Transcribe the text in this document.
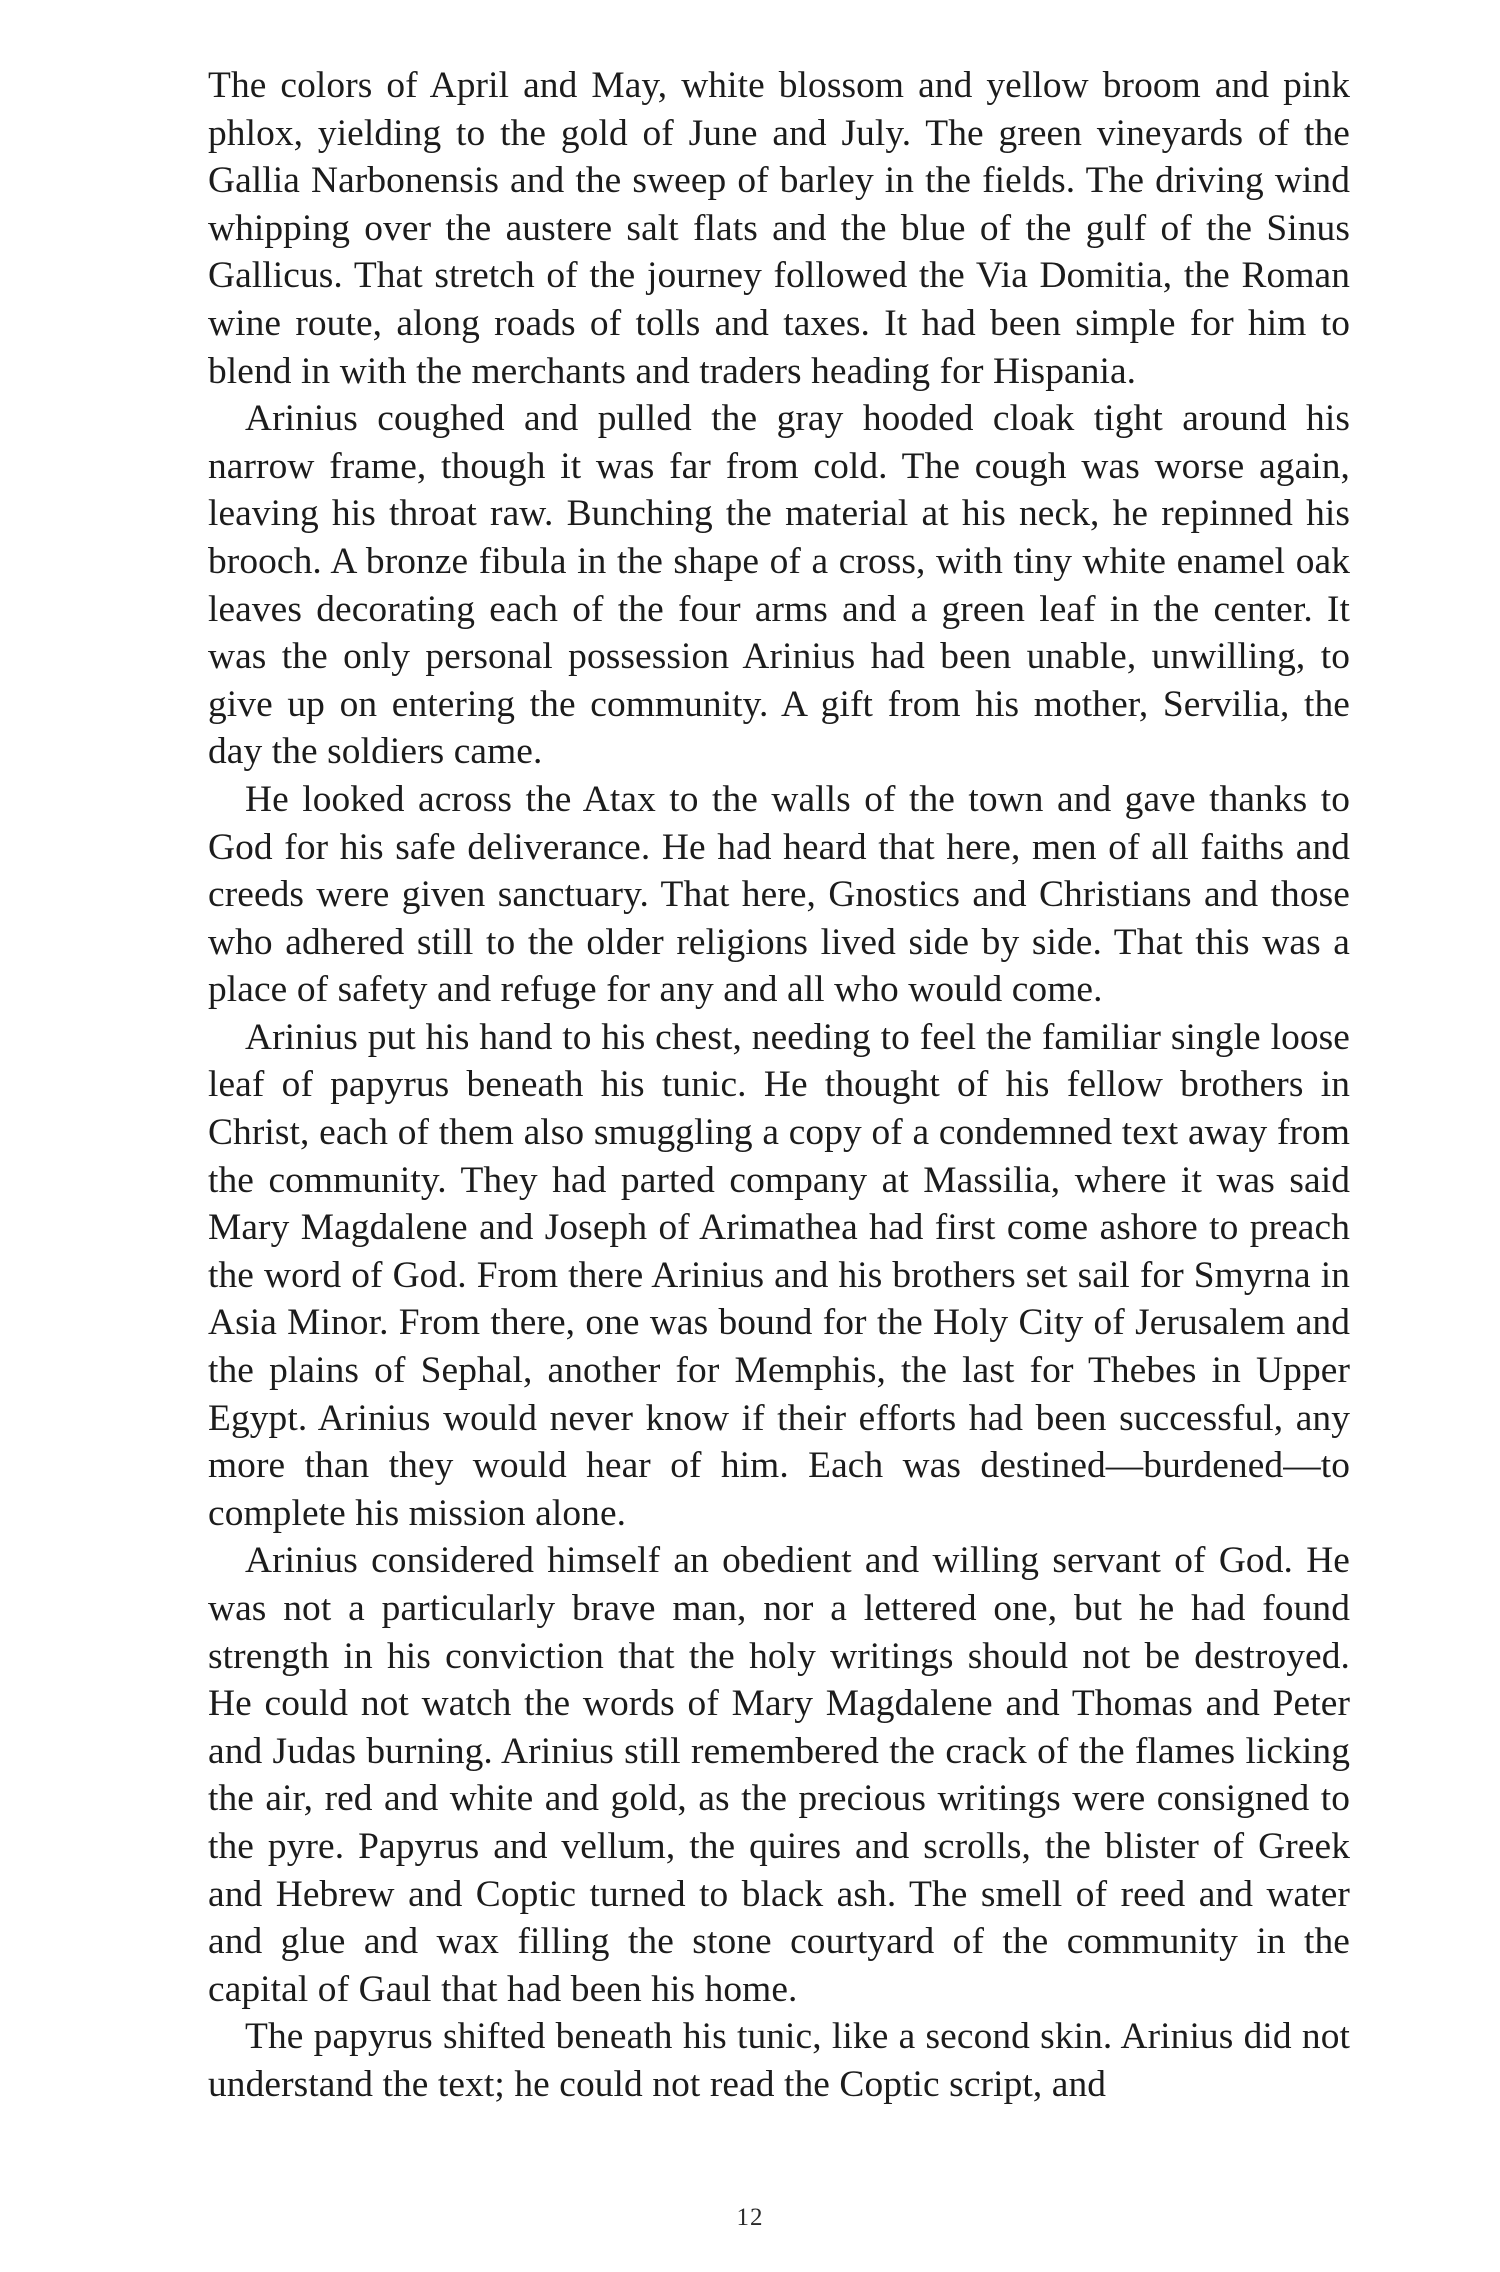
The colors of April and May, white blossom and yellow broom and pink phlox, yielding to the gold of June and July. The green vineyards of the Gallia Narbonensis and the sweep of barley in the fields. The driving wind whipping over the austere salt flats and the blue of the gulf of the Sinus Gallicus. That stretch of the journey followed the Via Domitia, the Roman wine route, along roads of tolls and taxes. It had been simple for him to blend in with the merchants and traders heading for Hispania.

Arinius coughed and pulled the gray hooded cloak tight around his narrow frame, though it was far from cold. The cough was worse again, leaving his throat raw. Bunching the material at his neck, he repinned his brooch. A bronze fibula in the shape of a cross, with tiny white enamel oak leaves decorating each of the four arms and a green leaf in the center. It was the only personal possession Arinius had been unable, unwilling, to give up on entering the community. A gift from his mother, Servilia, the day the soldiers came.

He looked across the Atax to the walls of the town and gave thanks to God for his safe deliverance. He had heard that here, men of all faiths and creeds were given sanctuary. That here, Gnostics and Christians and those who adhered still to the older religions lived side by side. That this was a place of safety and refuge for any and all who would come.

Arinius put his hand to his chest, needing to feel the familiar single loose leaf of papyrus beneath his tunic. He thought of his fellow brothers in Christ, each of them also smuggling a copy of a condemned text away from the community. They had parted company at Massilia, where it was said Mary Magdalene and Joseph of Arimathea had first come ashore to preach the word of God. From there Arinius and his brothers set sail for Smyrna in Asia Minor. From there, one was bound for the Holy City of Jerusalem and the plains of Sephal, another for Memphis, the last for Thebes in Upper Egypt. Arinius would never know if their efforts had been successful, any more than they would hear of him. Each was destined—burdened—to complete his mission alone.

Arinius considered himself an obedient and willing servant of God. He was not a particularly brave man, nor a lettered one, but he had found strength in his conviction that the holy writings should not be destroyed. He could not watch the words of Mary Magdalene and Thomas and Peter and Judas burning. Arinius still remembered the crack of the flames licking the air, red and white and gold, as the precious writings were consigned to the pyre. Papyrus and vellum, the quires and scrolls, the blister of Greek and Hebrew and Coptic turned to black ash. The smell of reed and water and glue and wax filling the stone courtyard of the community in the capital of Gaul that had been his home.

The papyrus shifted beneath his tunic, like a second skin. Arinius did not understand the text; he could not read the Coptic script, and

12
